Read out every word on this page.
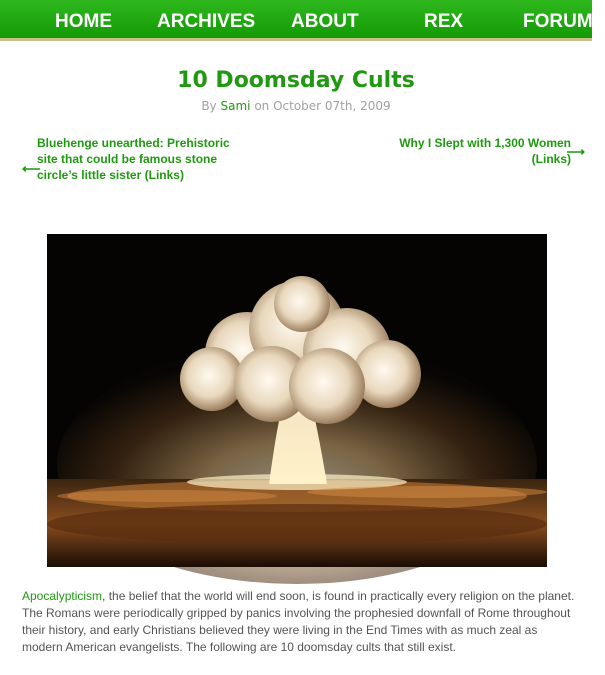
HOME ARCHIVES ABOUT	REX	FORUMS
10 Doomsday Cults
By Sami on October 07th, 2009
⟵
Bluehenge unearthed: Prehistoric site that could be famous stone circle’s little sister (Links)
Why I Slept with 1,300 Women (Links)
⟶
Apocalypticism, the belief that the world will end soon, is found in practically every religion on the planet. The Romans were periodically gripped by panics involving the prophesied downfall of Rome throughout their history, and early Christians believed they were living in the End Times with as much zeal as modern American evangelists. The following are 10 doomsday cults that still exist.
